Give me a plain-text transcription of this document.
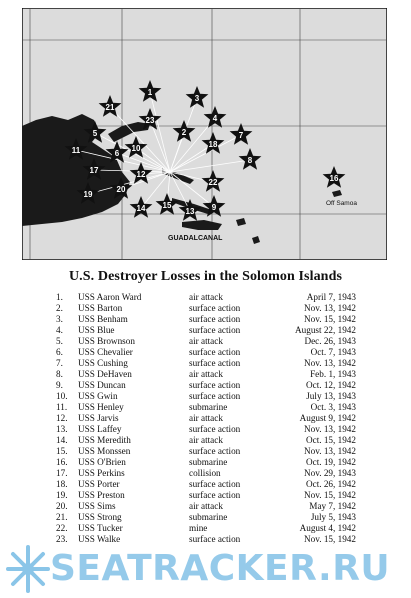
GUADALCANAL
Off Samoa
1
2
3
4
5
6
7
8
9
10
11
12
13
14 15
16
17
18
19
20
21
22
23
U.S. Destroyer Losses in the Solomon Islands
1. USS Aaron Ward	air attack	April 7, 1943
2. USS Barton	surface action	Nov. 13, 1942
3. USS Benham	surface action	Nov. 15, 1942
4. USS Blue	surface action	August 22, 1942
5. USS Brownson	air attack	Dec. 26, 1943
6. USS Chevalier	surface action	Oct. 7, 1943
7. USS Cushing	surface action	Nov. 13, 1942
8. USS DeHaven	air attack	Feb. 1, 1943
9. USS Duncan	surface action	Oct. 12, 1942
10. USS Gwin	surface action	July 13, 1943
11. USS Henley	submarine	Oct. 3, 1943
12. USS Jarvis	air attack	August 9, 1942
13. USS Laffey	surface action	Nov. 13, 1942
14. USS Meredith	air attack	Oct. 15, 1942
15. USS Monssen	surface action	Nov. 13, 1942
16. USS O'Brien	submarine	Oct. 19, 1942
17. USS Perkins	collision	Nov. 29, 1943
18. USS Porter	surface action	Oct. 26, 1942
19. USS Preston	surface action	Nov. 15, 1942
20. USS Sims	air attack	May 7, 1942
21. USS Strong	submarine	July 5, 1943
22. USS Tucker	mine	August 4, 1942
23. USS Walke	surface action	Nov. 15, 1942
SEATRACKER.RU
